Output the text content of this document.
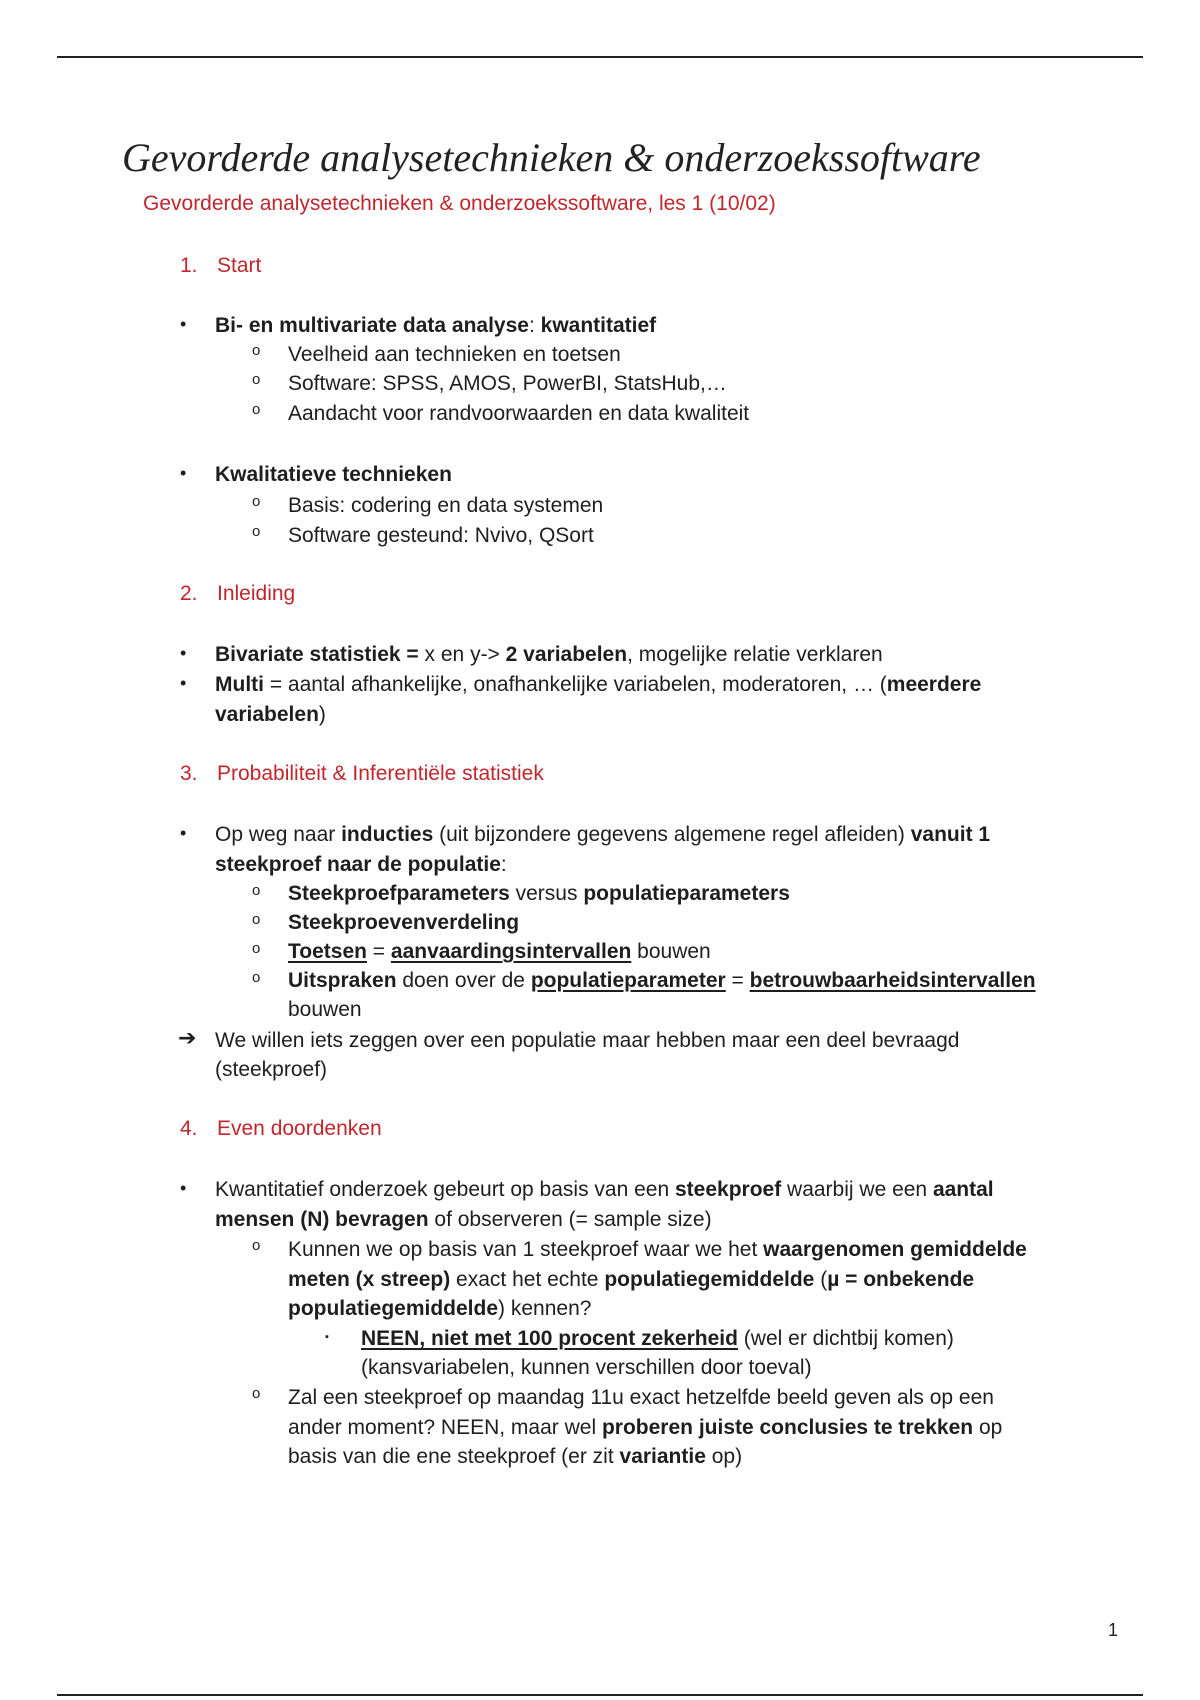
Gevorderde analysetechnieken & onderzoekssoftware
Gevorderde analysetechnieken & onderzoekssoftware, les 1 (10/02)
1. Start
• Bi- en multivariate data analyse: kwantitatief
o Veelheid aan technieken en toetsen
o Software: SPSS, AMOS, PowerBI, StatsHub,…
o Aandacht voor randvoorwaarden en data kwaliteit
• Kwalitatieve technieken
o Basis: codering en data systemen
o Software gesteund: Nvivo, QSort
2. Inleiding
• Bivariate statistiek = x en y-> 2 variabelen, mogelijke relatie verklaren
• Multi = aantal afhankelijke, onafhankelijke variabelen, moderatoren, … (meerdere
variabelen)
3. Probabiliteit & Inferentiële statistiek
• Op weg naar inducties (uit bijzondere gegevens algemene regel afleiden) vanuit 1
steekproef naar de populatie:
o Steekproefparameters versus populatieparameters
o Steekproevenverdeling
o Toetsen = aanvaardingsintervallen bouwen
o Uitspraken doen over de populatieparameter = betrouwbaarheidsintervallen
bouwen
➔ We willen iets zeggen over een populatie maar hebben maar een deel bevraagd
(steekproef)
4. Even doordenken
• Kwantitatief onderzoek gebeurt op basis van een steekproef waarbij we een aantal
mensen (N) bevragen of observeren (= sample size)
o Kunnen we op basis van 1 steekproef waar we het waargenomen gemiddelde
meten (x streep) exact het echte populatiegemiddelde (µ = onbekende
populatiegemiddelde) kennen?
▪ NEEN, niet met 100 procent zekerheid (wel er dichtbij komen)
(kansvariabelen, kunnen verschillen door toeval)
o Zal een steekproef op maandag 11u exact hetzelfde beeld geven als op een
ander moment? NEEN, maar wel proberen juiste conclusies te trekken op
basis van die ene steekproef (er zit variantie op)
1
